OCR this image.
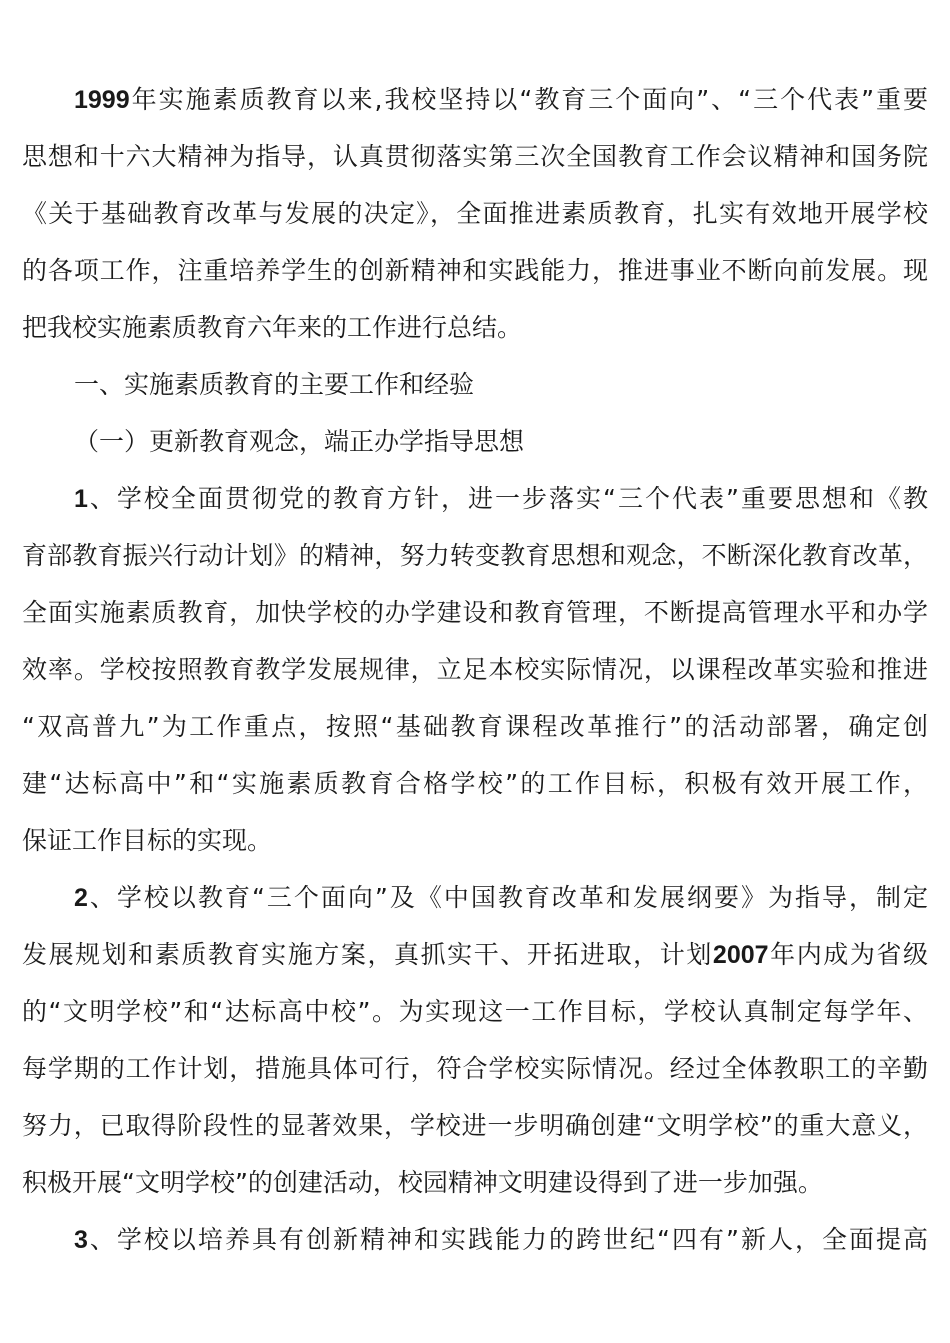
1999年实施素质教育以来,我校坚持以“教育三个面向”、“三个代表”重要
思想和十六大精神为指导，认真贯彻落实第三次全国教育工作会议精神和国务院
《关于基础教育改革与发展的决定》，全面推进素质教育，扎实有效地开展学校
的各项工作，注重培养学生的创新精神和实践能力，推进事业不断向前发展。现
把我校实施素质教育六年来的工作进行总结。
一、实施素质教育的主要工作和经验
（一）更新教育观念，端正办学指导思想
1、学校全面贯彻党的教育方针，进一步落实“三个代表”重要思想和《教
育部教育振兴行动计划》的精神，努力转变教育思想和观念，不断深化教育改革，
全面实施素质教育，加快学校的办学建设和教育管理，不断提高管理水平和办学
效率。学校按照教育教学发展规律，立足本校实际情况，以课程改革实验和推进
“双高普九”为工作重点，按照“基础教育课程改革推行”的活动部署，确定创
建“达标高中”和“实施素质教育合格学校”的工作目标，积极有效开展工作，
保证工作目标的实现。
2、学校以教育“三个面向”及《中国教育改革和发展纲要》为指导，制定
发展规划和素质教育实施方案，真抓实干、开拓进取，计划2007年内成为省级
的“文明学校”和“达标高中校”。为实现这一工作目标，学校认真制定每学年、
每学期的工作计划，措施具体可行，符合学校实际情况。经过全体教职工的辛勤
努力，已取得阶段性的显著效果，学校进一步明确创建“文明学校”的重大意义，
积极开展“文明学校”的创建活动，校园精神文明建设得到了进一步加强。
3、学校以培养具有创新精神和实践能力的跨世纪“四有”新人，全面提高
